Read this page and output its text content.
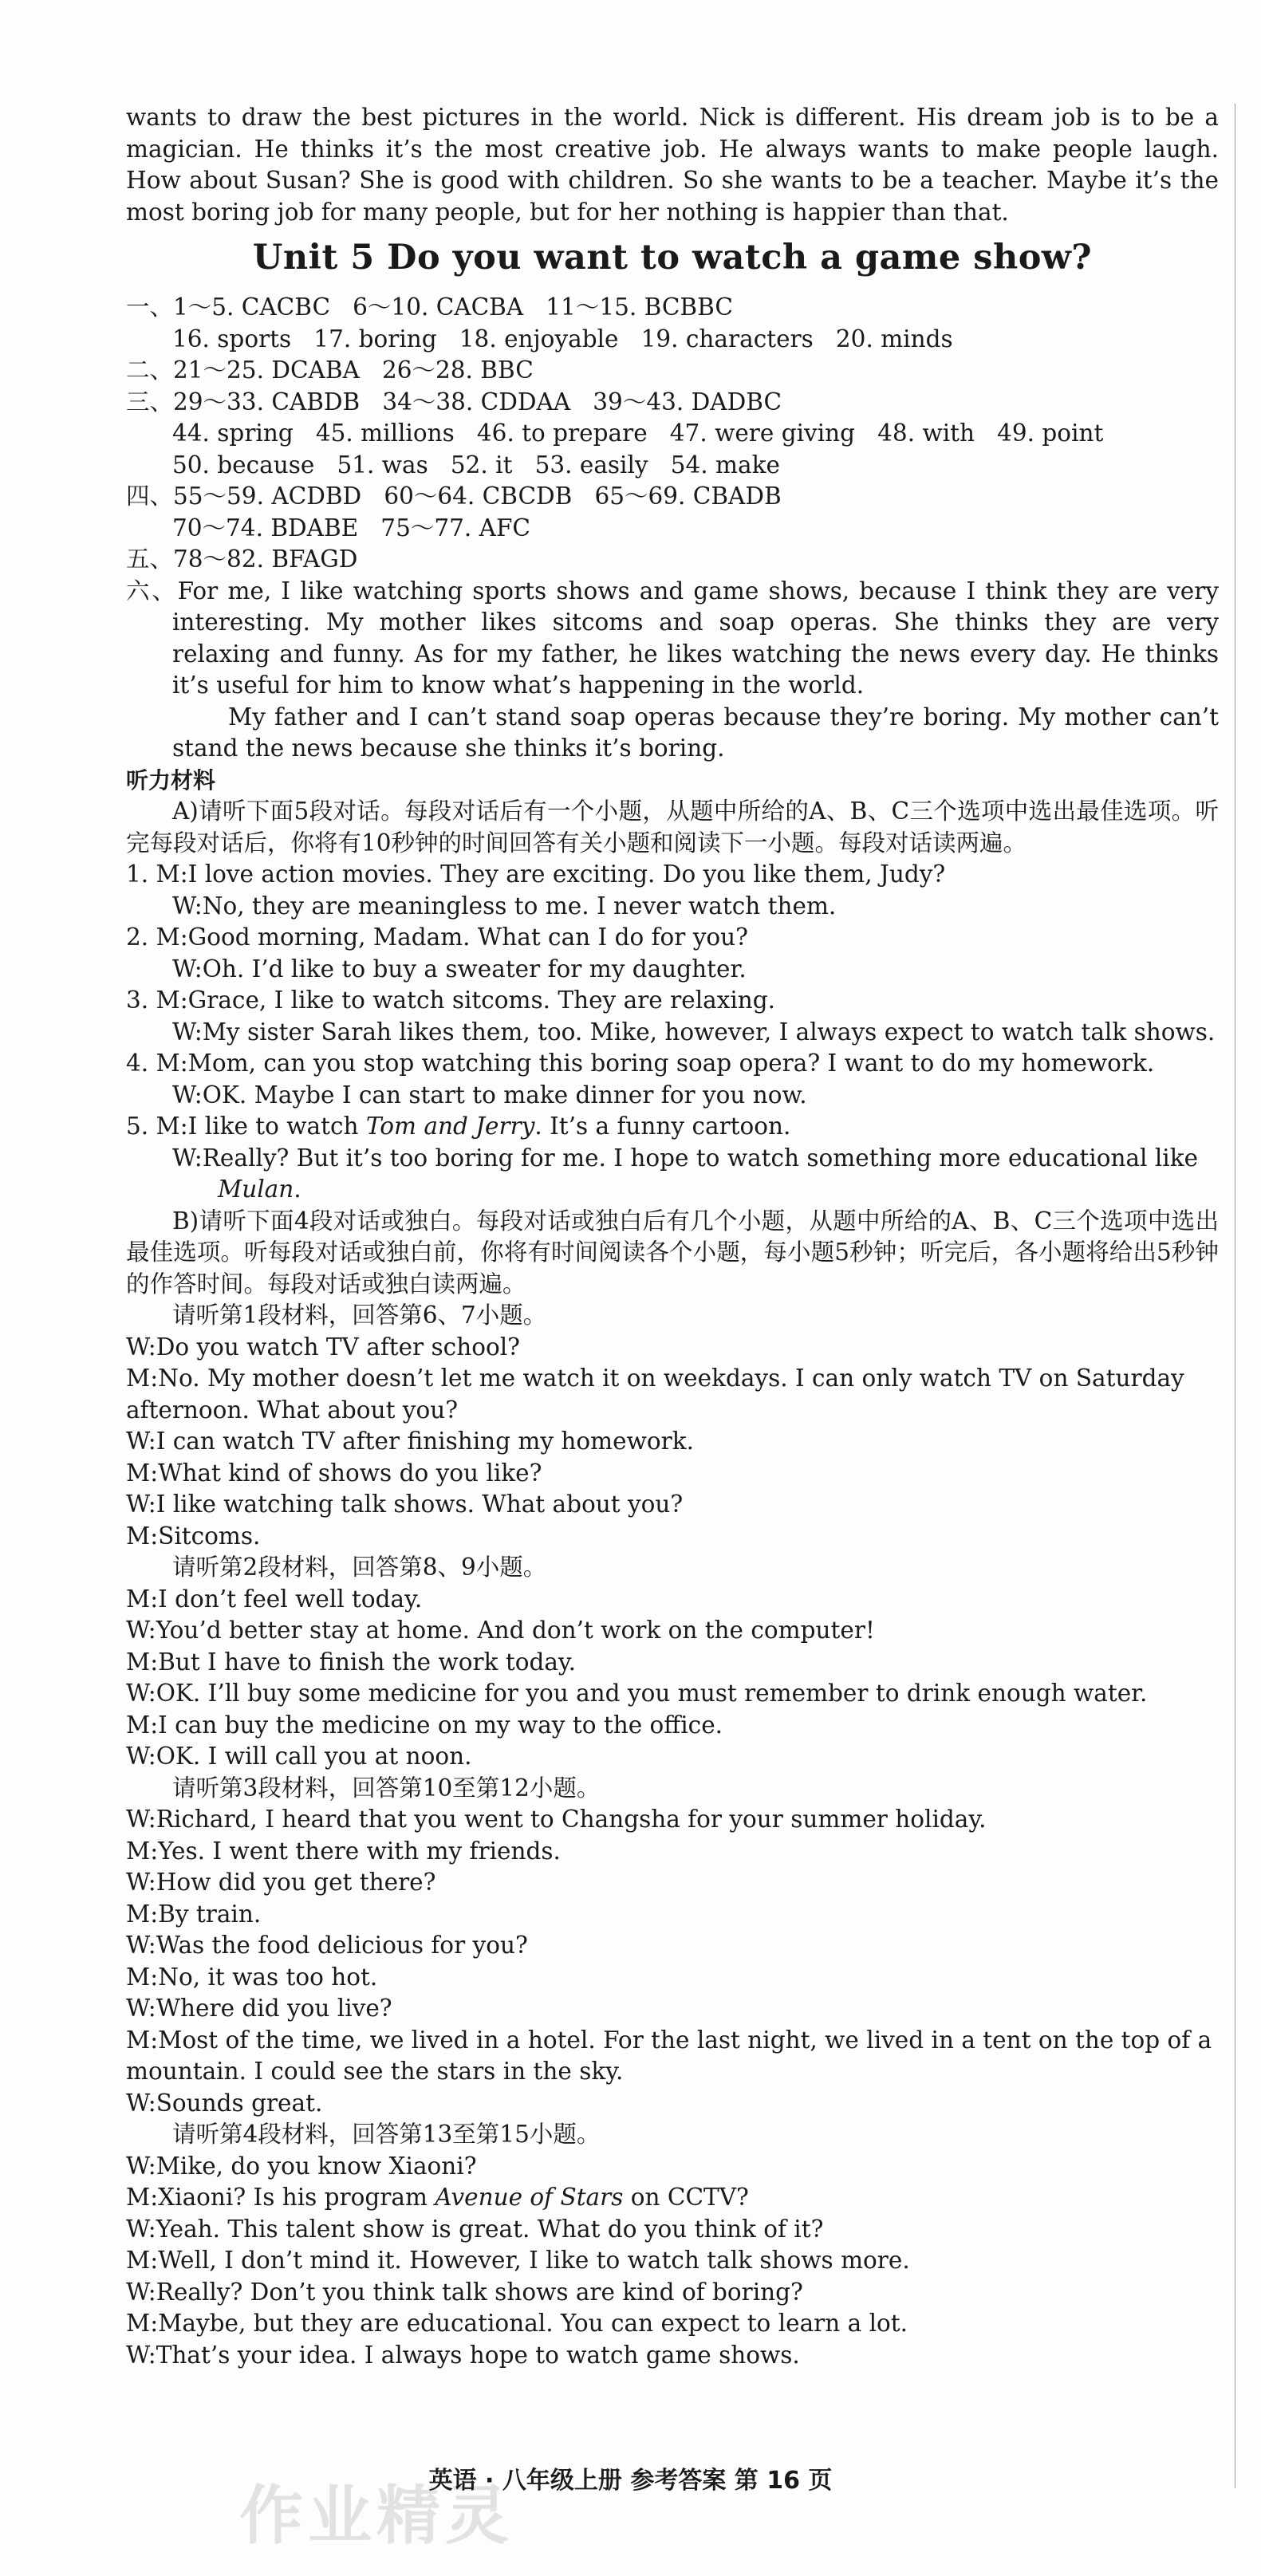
wants to draw the best pictures in the world. Nick is different. His dream job is to be a magician. He thinks it’s the most creative job. He always wants to make people laugh. How about Susan? She is good with children. So she wants to be a teacher. Maybe it’s the most boring job for many people, but for her nothing is happier than that.

Unit 5 Do you want to watch a game show?

一、1～5. CACBC   6～10. CACBA   11～15. BCBBC

16. sports   17. boring   18. enjoyable   19. characters   20. minds

二、21～25. DCABA   26～28. BBC

三、29～33. CABDB   34～38. CDDAA   39～43. DADBC

44. spring   45. millions   46. to prepare   47. were giving   48. with   49. point

50. because   51. was   52. it   53. easily   54. make

四、55～59. ACDBD   60～64. CBCDB   65～69. CBADB

70～74. BDABE   75～77. AFC

五、78～82. BFAGD

六、For me, I like watching sports shows and game shows, because I think they are very interesting. My mother likes sitcoms and soap operas. She thinks they are very relaxing and funny. As for my father, he likes watching the news every day. He thinks it’s useful for him to know what’s happening in the world.

My father and I can’t stand soap operas because they’re boring. My mother can’t stand the news because she thinks it’s boring.

听力材料

A)请听下面5段对话。每段对话后有一个小题，从题中所给的A、B、C三个选项中选出最佳选项。听完每段对话后，你将有10秒钟的时间回答有关小题和阅读下一小题。每段对话读两遍。

1. M:I love action movies. They are exciting. Do you like them, Judy?

W:No, they are meaningless to me. I never watch them.

2. M:Good morning, Madam. What can I do for you?

W:Oh. I’d like to buy a sweater for my daughter.

3. M:Grace, I like to watch sitcoms. They are relaxing.

W:My sister Sarah likes them, too. Mike, however, I always expect to watch talk shows.

4. M:Mom, can you stop watching this boring soap opera? I want to do my homework.

W:OK. Maybe I can start to make dinner for you now.

5. M:I like to watch Tom and Jerry. It’s a funny cartoon.

W:Really? But it’s too boring for me. I hope to watch something more educational like

Mulan.

B)请听下面4段对话或独白。每段对话或独白后有几个小题，从题中所给的A、B、C三个选项中选出最佳选项。听每段对话或独白前，你将有时间阅读各个小题，每小题5秒钟；听完后，各小题将给出5秒钟的作答时间。每段对话或独白读两遍。

请听第1段材料，回答第6、7小题。

W:Do you watch TV after school?

M:No. My mother doesn’t let me watch it on weekdays. I can only watch TV on Saturday afternoon. What about you?

W:I can watch TV after finishing my homework.

M:What kind of shows do you like?

W:I like watching talk shows. What about you?

M:Sitcoms.

请听第2段材料，回答第8、9小题。

M:I don’t feel well today.

W:You’d better stay at home. And don’t work on the computer!

M:But I have to finish the work today.

W:OK. I’ll buy some medicine for you and you must remember to drink enough water.

M:I can buy the medicine on my way to the office.

W:OK. I will call you at noon.

请听第3段材料，回答第10至第12小题。

W:Richard, I heard that you went to Changsha for your summer holiday.

M:Yes. I went there with my friends.

W:How did you get there?

M:By train.

W:Was the food delicious for you?

M:No, it was too hot.

W:Where did you live?

M:Most of the time, we lived in a hotel. For the last night, we lived in a tent on the top of a mountain. I could see the stars in the sky.

W:Sounds great.

请听第4段材料，回答第13至第15小题。

W:Mike, do you know Xiaoni?

M:Xiaoni? Is his program Avenue of Stars on CCTV?

W:Yeah. This talent show is great. What do you think of it?

M:Well, I don’t mind it. However, I like to watch talk shows more.

W:Really? Don’t you think talk shows are kind of boring?

M:Maybe, but they are educational. You can expect to learn a lot.

W:That’s your idea. I always hope to watch game shows.

作业精灵
英语 · 八年级上册 参考答案 第 16 页
